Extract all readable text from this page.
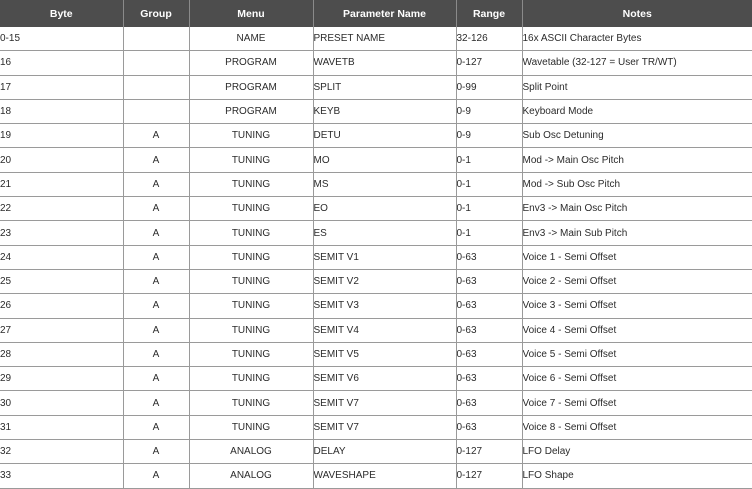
Byte	Group	Menu	Parameter Name	Range	Notes
0-15		NAME	PRESET NAME	32-126	16x ASCII Character Bytes
16		PROGRAM	WAVETB	0-127	Wavetable (32-127 = User TR/WT)
17		PROGRAM	SPLIT	0-99	Split Point
18		PROGRAM	KEYB	0-9	Keyboard Mode
19	A	TUNING	DETU	0-9	Sub Osc Detuning
20	A	TUNING	MO	0-1	Mod -> Main Osc Pitch
21	A	TUNING	MS	0-1	Mod -> Sub Osc Pitch
22	A	TUNING	EO	0-1	Env3 -> Main Osc Pitch
23	A	TUNING	ES	0-1	Env3 -> Main Sub Pitch
24	A	TUNING	SEMIT V1	0-63	Voice 1 - Semi Offset
25	A	TUNING	SEMIT V2	0-63	Voice 2 - Semi Offset
26	A	TUNING	SEMIT V3	0-63	Voice 3 - Semi Offset
27	A	TUNING	SEMIT V4	0-63	Voice 4 - Semi Offset
28	A	TUNING	SEMIT V5	0-63	Voice 5 - Semi Offset
29	A	TUNING	SEMIT V6	0-63	Voice 6 - Semi Offset
30	A	TUNING	SEMIT V7	0-63	Voice 7 - Semi Offset
31	A	TUNING	SEMIT V7	0-63	Voice 8 - Semi Offset
32	A	ANALOG	DELAY	0-127	LFO Delay
33	A	ANALOG	WAVESHAPE	0-127	LFO Shape
